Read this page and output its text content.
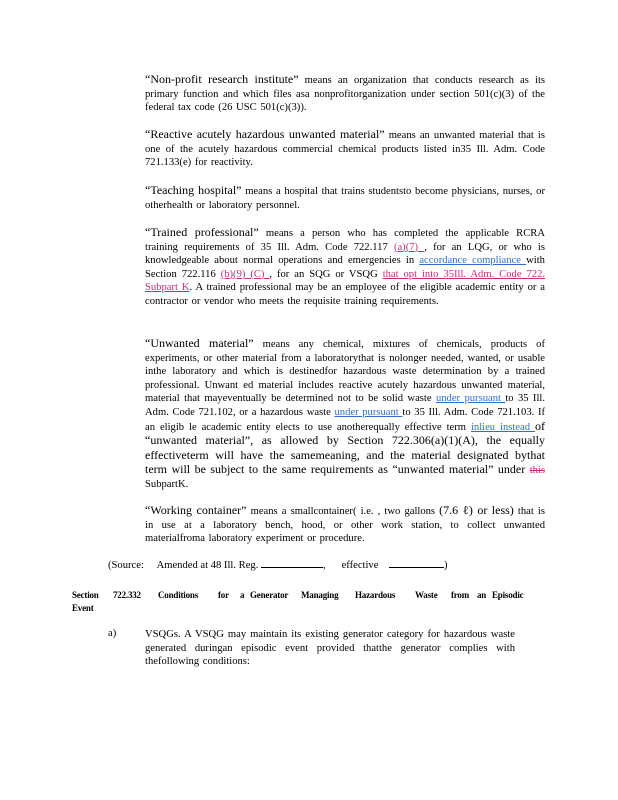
“Non-profit research institute” means an organization that conducts research as its primary function and which files asa nonprofitorganization under section 501(c)(3) of the federal tax code (26 USC 501(c)(3)).
“Reactive acutely hazardous unwanted material” means an unwanted material that is one of the acutely hazardous commercial chemical products listed in35 Ill. Adm. Code 721.133(e) for reactivity.
“Teaching hospital” means a hospital that trains studentsto become physicians, nurses, or otherhealth or laboratory personnel.
“Trained professional” means a person who has completed the applicable RCRA training requirements of 35 Ill. Adm. Code 722.117 (a)(7) , for an LQG, or who is knowledgeable about normal operations and emergencies in accordance compliance with Section 722.116 (b)(9) (C) , for an SQG or VSQG that opt into 35Ill. Adm. Code 722. Subpart K. A trained professional may be an employee of the eligible academic entity or a contractor or vendor who meets the requisite training requirements.
“Unwanted material” means any chemical, mixtures of chemicals, products of experiments, or other material from a laboratorythat is nolonger needed, wanted, or usable inthe laboratory and which is destinedfor hazardous waste determination by a trained professional. Unwant ed material includes reactive acutely hazardous unwanted material, material that mayeventually be determined not to be solid waste under pursuant to 35 Ill. Adm. Code 721.102, or a hazardous waste under pursuant to 35 Ill. Adm. Code 721.103. If an eligib le academic entity elects to use anotherequally effective term inlieu instead of “unwanted material”, as allowed by Section 722.306(a)(1)(A), the equally effectiveterm will have the samemeaning, and the material designated bythat term will be subject to the same requirements as “unwanted material” under this SubpartK.
“Working container” means a smallcontainer( i.e. , two gallons (7.6 ℓ) or less) that is in use at a laboratory bench, hood, or other work station, to collect unwanted materialfroma laboratory experiment or procedure.
(Source: Amended at 48 Ill. Reg.	,      effective	)
Section 722.332 Conditions for a Generator Managing Hazardous Waste from an Episodic
Event
a)	VSQGs. A VSQG may maintain its existing generator category for hazardous waste generated duringan episodic event provided thatthe generator complies with thefollowing conditions:
